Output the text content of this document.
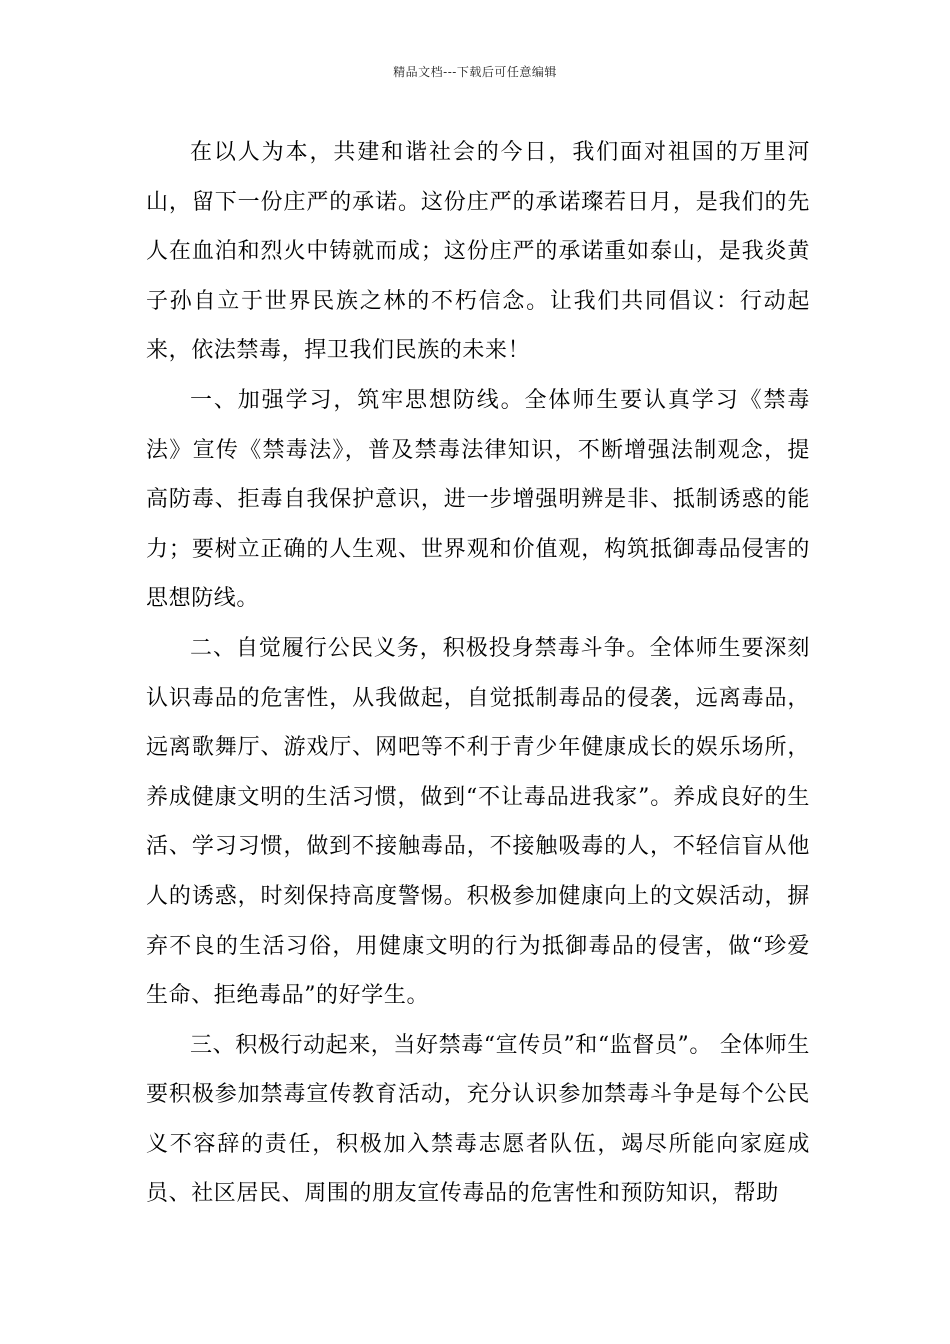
精品文档---下载后可任意编辑

在以人为本，共建和谐社会的今日，我们面对祖国的万里河山，留下一份庄严的承诺。这份庄严的承诺璨若日月，是我们的先人在血泊和烈火中铸就而成；这份庄严的承诺重如泰山，是我炎黄子孙自立于世界民族之林的不朽信念。让我们共同倡议：行动起来，依法禁毒，捍卫我们民族的未来！

一、加强学习，筑牢思想防线。全体师生要认真学习《禁毒法》宣传《禁毒法》，普及禁毒法律知识，不断增强法制观念，提高防毒、拒毒自我保护意识，进一步增强明辨是非、抵制诱惑的能力；要树立正确的人生观、世界观和价值观，构筑抵御毒品侵害的思想防线。

二、自觉履行公民义务，积极投身禁毒斗争。全体师生要深刻认识毒品的危害性，从我做起，自觉抵制毒品的侵袭，远离毒品，远离歌舞厅、游戏厅、网吧等不利于青少年健康成长的娱乐场所，养成健康文明的生活习惯，做到“不让毒品进我家”。养成良好的生活、学习习惯，做到不接触毒品，不接触吸毒的人，不轻信盲从他人的诱惑，时刻保持高度警惕。积极参加健康向上的文娱活动，摒弃不良的生活习俗，用健康文明的行为抵御毒品的侵害，做“珍爱生命、拒绝毒品”的好学生。

三、积极行动起来，当好禁毒“宣传员”和“监督员”。 全体师生要积极参加禁毒宣传教育活动，充分认识参加禁毒斗争是每个公民义不容辞的责任，积极加入禁毒志愿者队伍，竭尽所能向家庭成员、社区居民、周围的朋友宣传毒品的危害性和预防知识，帮助
